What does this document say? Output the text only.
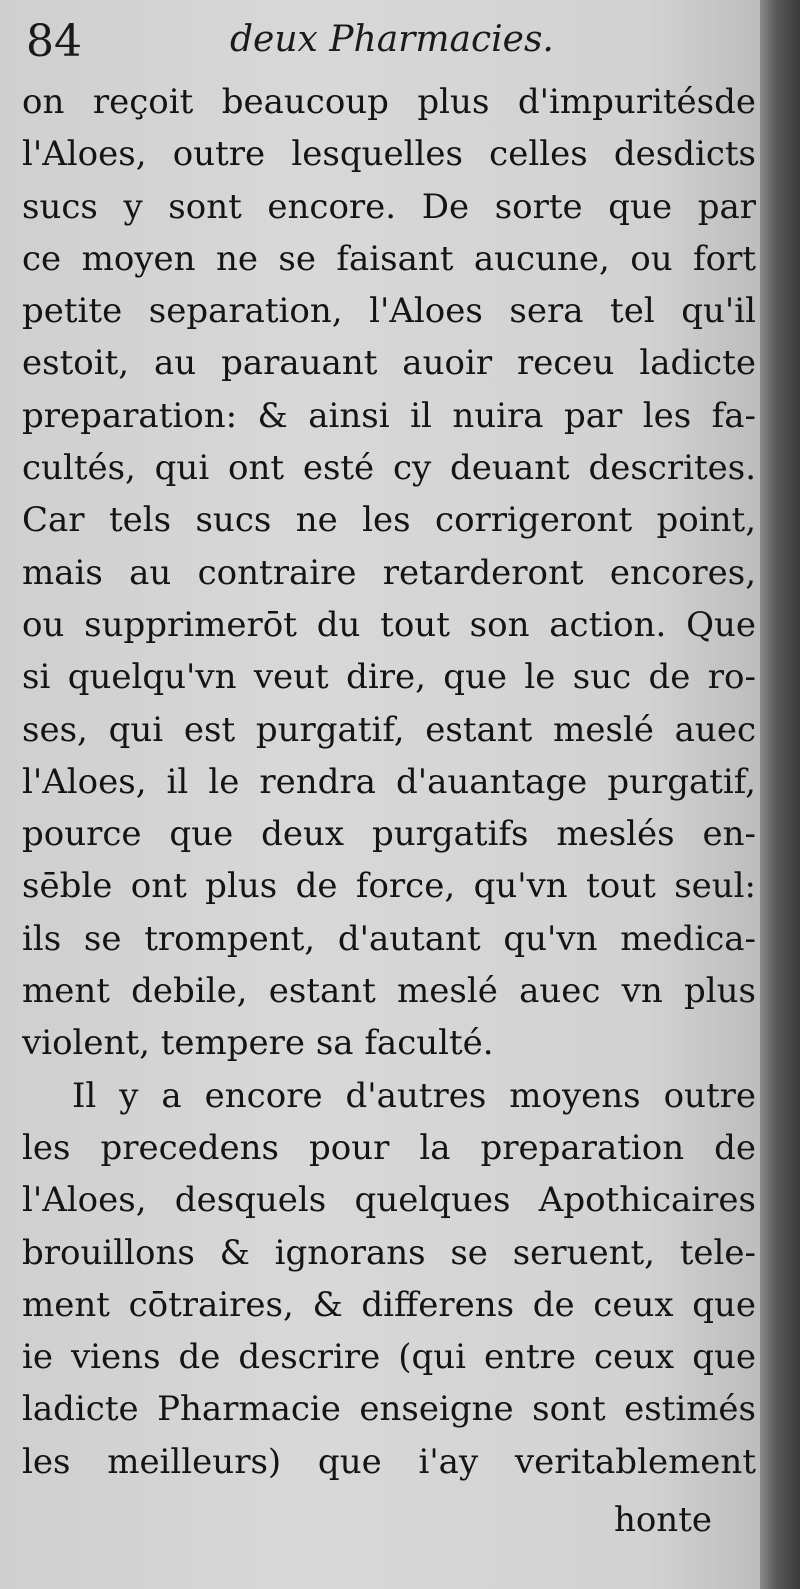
84	deux Pharmacies.
on reçoit beaucoup plus d'impuritésde
l'Aloes, outre lesquelles celles desdicts
sucs y sont encore. De sorte que par
ce moyen ne se faisant aucune, ou fort
petite separation, l'Aloes sera tel qu'il
estoit, au parauant auoir receu ladicte
preparation: & ainsi il nuira par les fa-
cultés, qui ont esté cy deuant descrites.
Car tels sucs ne les corrigeront point,
mais au contraire retarderont encores,
ou supprimerōt du tout son action. Que
si quelqu'vn veut dire, que le suc de ro-
ses, qui est purgatif, estant meslé auec
l'Aloes, il le rendra d'auantage purgatif,
pource que deux purgatifs meslés en-
sēble ont plus de force, qu'vn tout seul:
ils se trompent, d'autant qu'vn medica-
ment debile, estant meslé auec vn plus
violent, tempere sa faculté.
Il y a encore d'autres moyens outre
les precedens pour la preparation de
l'Aloes, desquels quelques Apothicaires
brouillons & ignorans se seruent, tele-
ment cōtraires, & differens de ceux que
ie viens de descrire (qui entre ceux que
ladicte Pharmacie enseigne sont estimés
les meilleurs) que i'ay veritablement
honte
